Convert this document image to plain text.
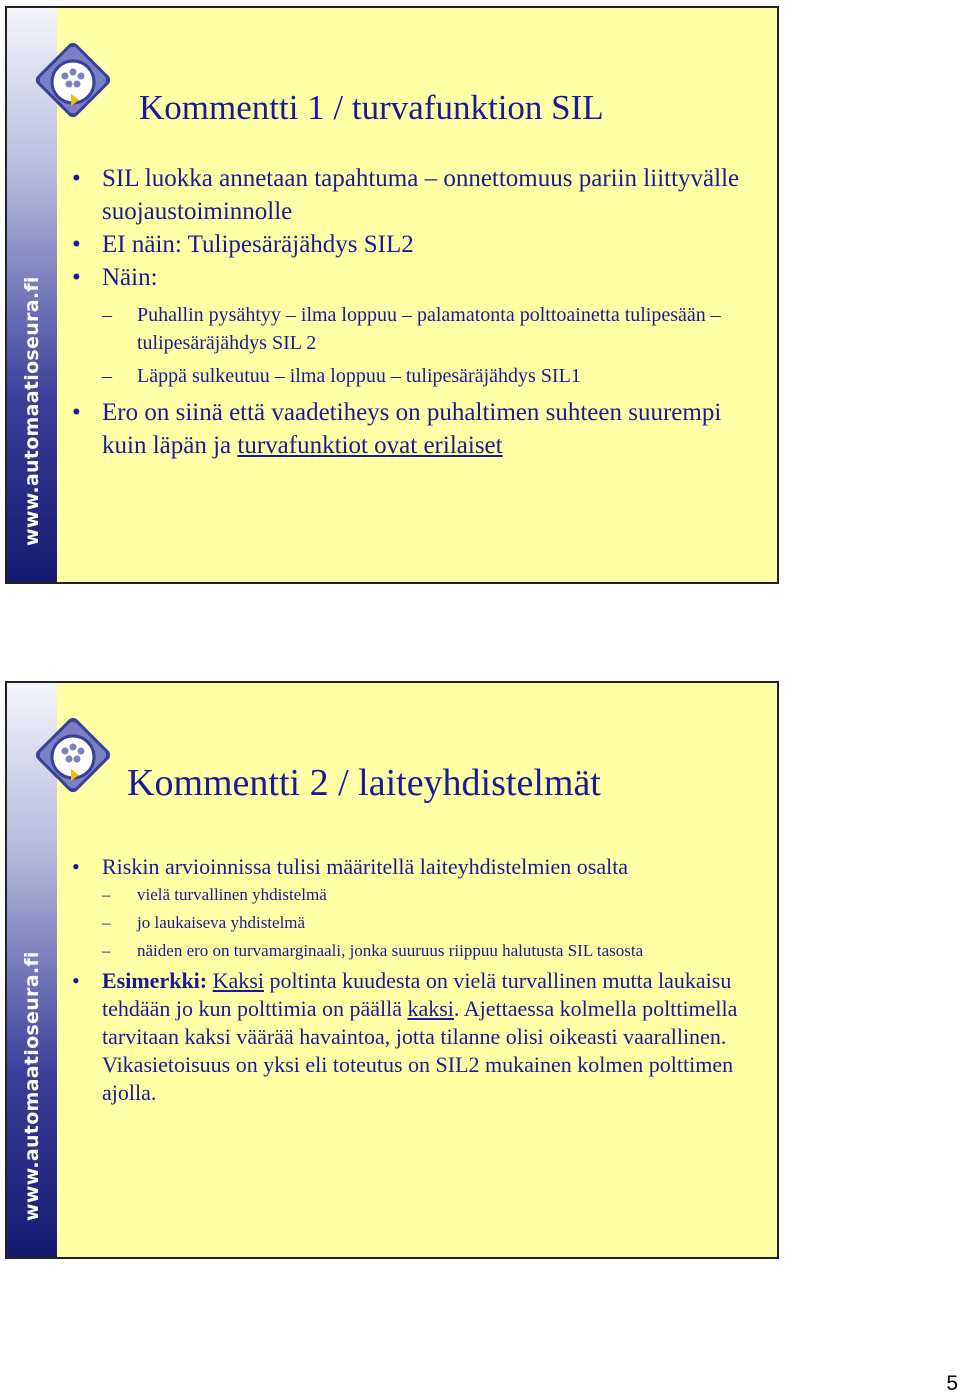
www.automaatioseura.fi
Kommentti 1 / turvafunktion SIL
• SIL luokka annetaan tapahtuma – onnettomuus pariin liittyvälle suojaustoiminnolle
• EI näin: Tulipesäräjähdys SIL2
• Näin:
– Puhallin pysähtyy – ilma loppuu – palamatonta polttoainetta tulipesään – tulipesäräjähdys SIL 2
– Läppä sulkeutuu – ilma loppuu – tulipesäräjähdys SIL1
• Ero on siinä että vaadetiheys on puhaltimen suhteen suurempi kuin läpän ja turvafunktiot ovat erilaiset
www.automaatioseura.fi
Kommentti 2 / laiteyhdistelmät
• Riskin arvioinnissa tulisi määritellä laiteyhdistelmien osalta
– vielä turvallinen yhdistelmä
– jo laukaiseva yhdistelmä
– näiden ero on turvamarginaali, jonka suuruus riippuu halutusta SIL tasosta
• Esimerkki: Kaksi poltinta kuudesta on vielä turvallinen mutta laukaisu tehdään jo kun polttimia on päällä kaksi. Ajettaessa kolmella polttimella tarvitaan kaksi väärää havaintoa, jotta tilanne olisi oikeasti vaarallinen. Vikasietoisuus on yksi eli toteutus on SIL2 mukainen kolmen polttimen ajolla.
5
